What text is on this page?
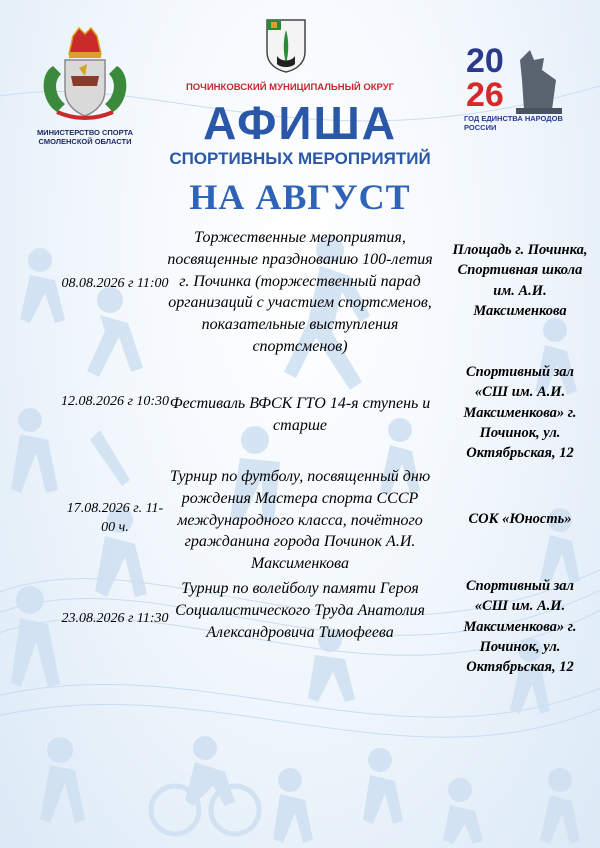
МИНИСТЕРСТВО СПОРТА СМОЛЕНСКОЙ ОБЛАСТИ
ПОЧИНКОВСКИЙ МУНИЦИПАЛЬНЫЙ ОКРУГ
20
26
ГОД ЕДИНСТВА НАРОДОВ РОССИИ
АФИША
СПОРТИВНЫХ МЕРОПРИЯТИЙ
НА АВГУСТ
08.08.2026 г 11:00
Торжественные мероприятия, посвященные празднованию 100-летия г. Починка (торжественный парад организаций с участием спортсменов, показательные выступления спортсменов)
Площадь г. Починка, Спортивная школа им. А.И. Максименкова
12.08.2026 г 10:30 Фестиваль ВФСК ГТО 14-я ступень и старше
Спортивный зал «СШ им. А.И. Максименкова» г. Починок, ул. Октябрьская, 12
17.08.2026 г. 11-00 ч.
Турнир по футболу, посвященный дню рождения Мастера спорта СССР международного класса, почётного гражданина города Починок А.И. Максименкова
СОК «Юность»
23.08.2026 г 11:30
Турнир по волейболу памяти Героя Социалистического Труда Анатолия Александровича Тимофеева
Спортивный зал «СШ им. А.И. Максименкова» г. Починок, ул. Октябрьская, 12
